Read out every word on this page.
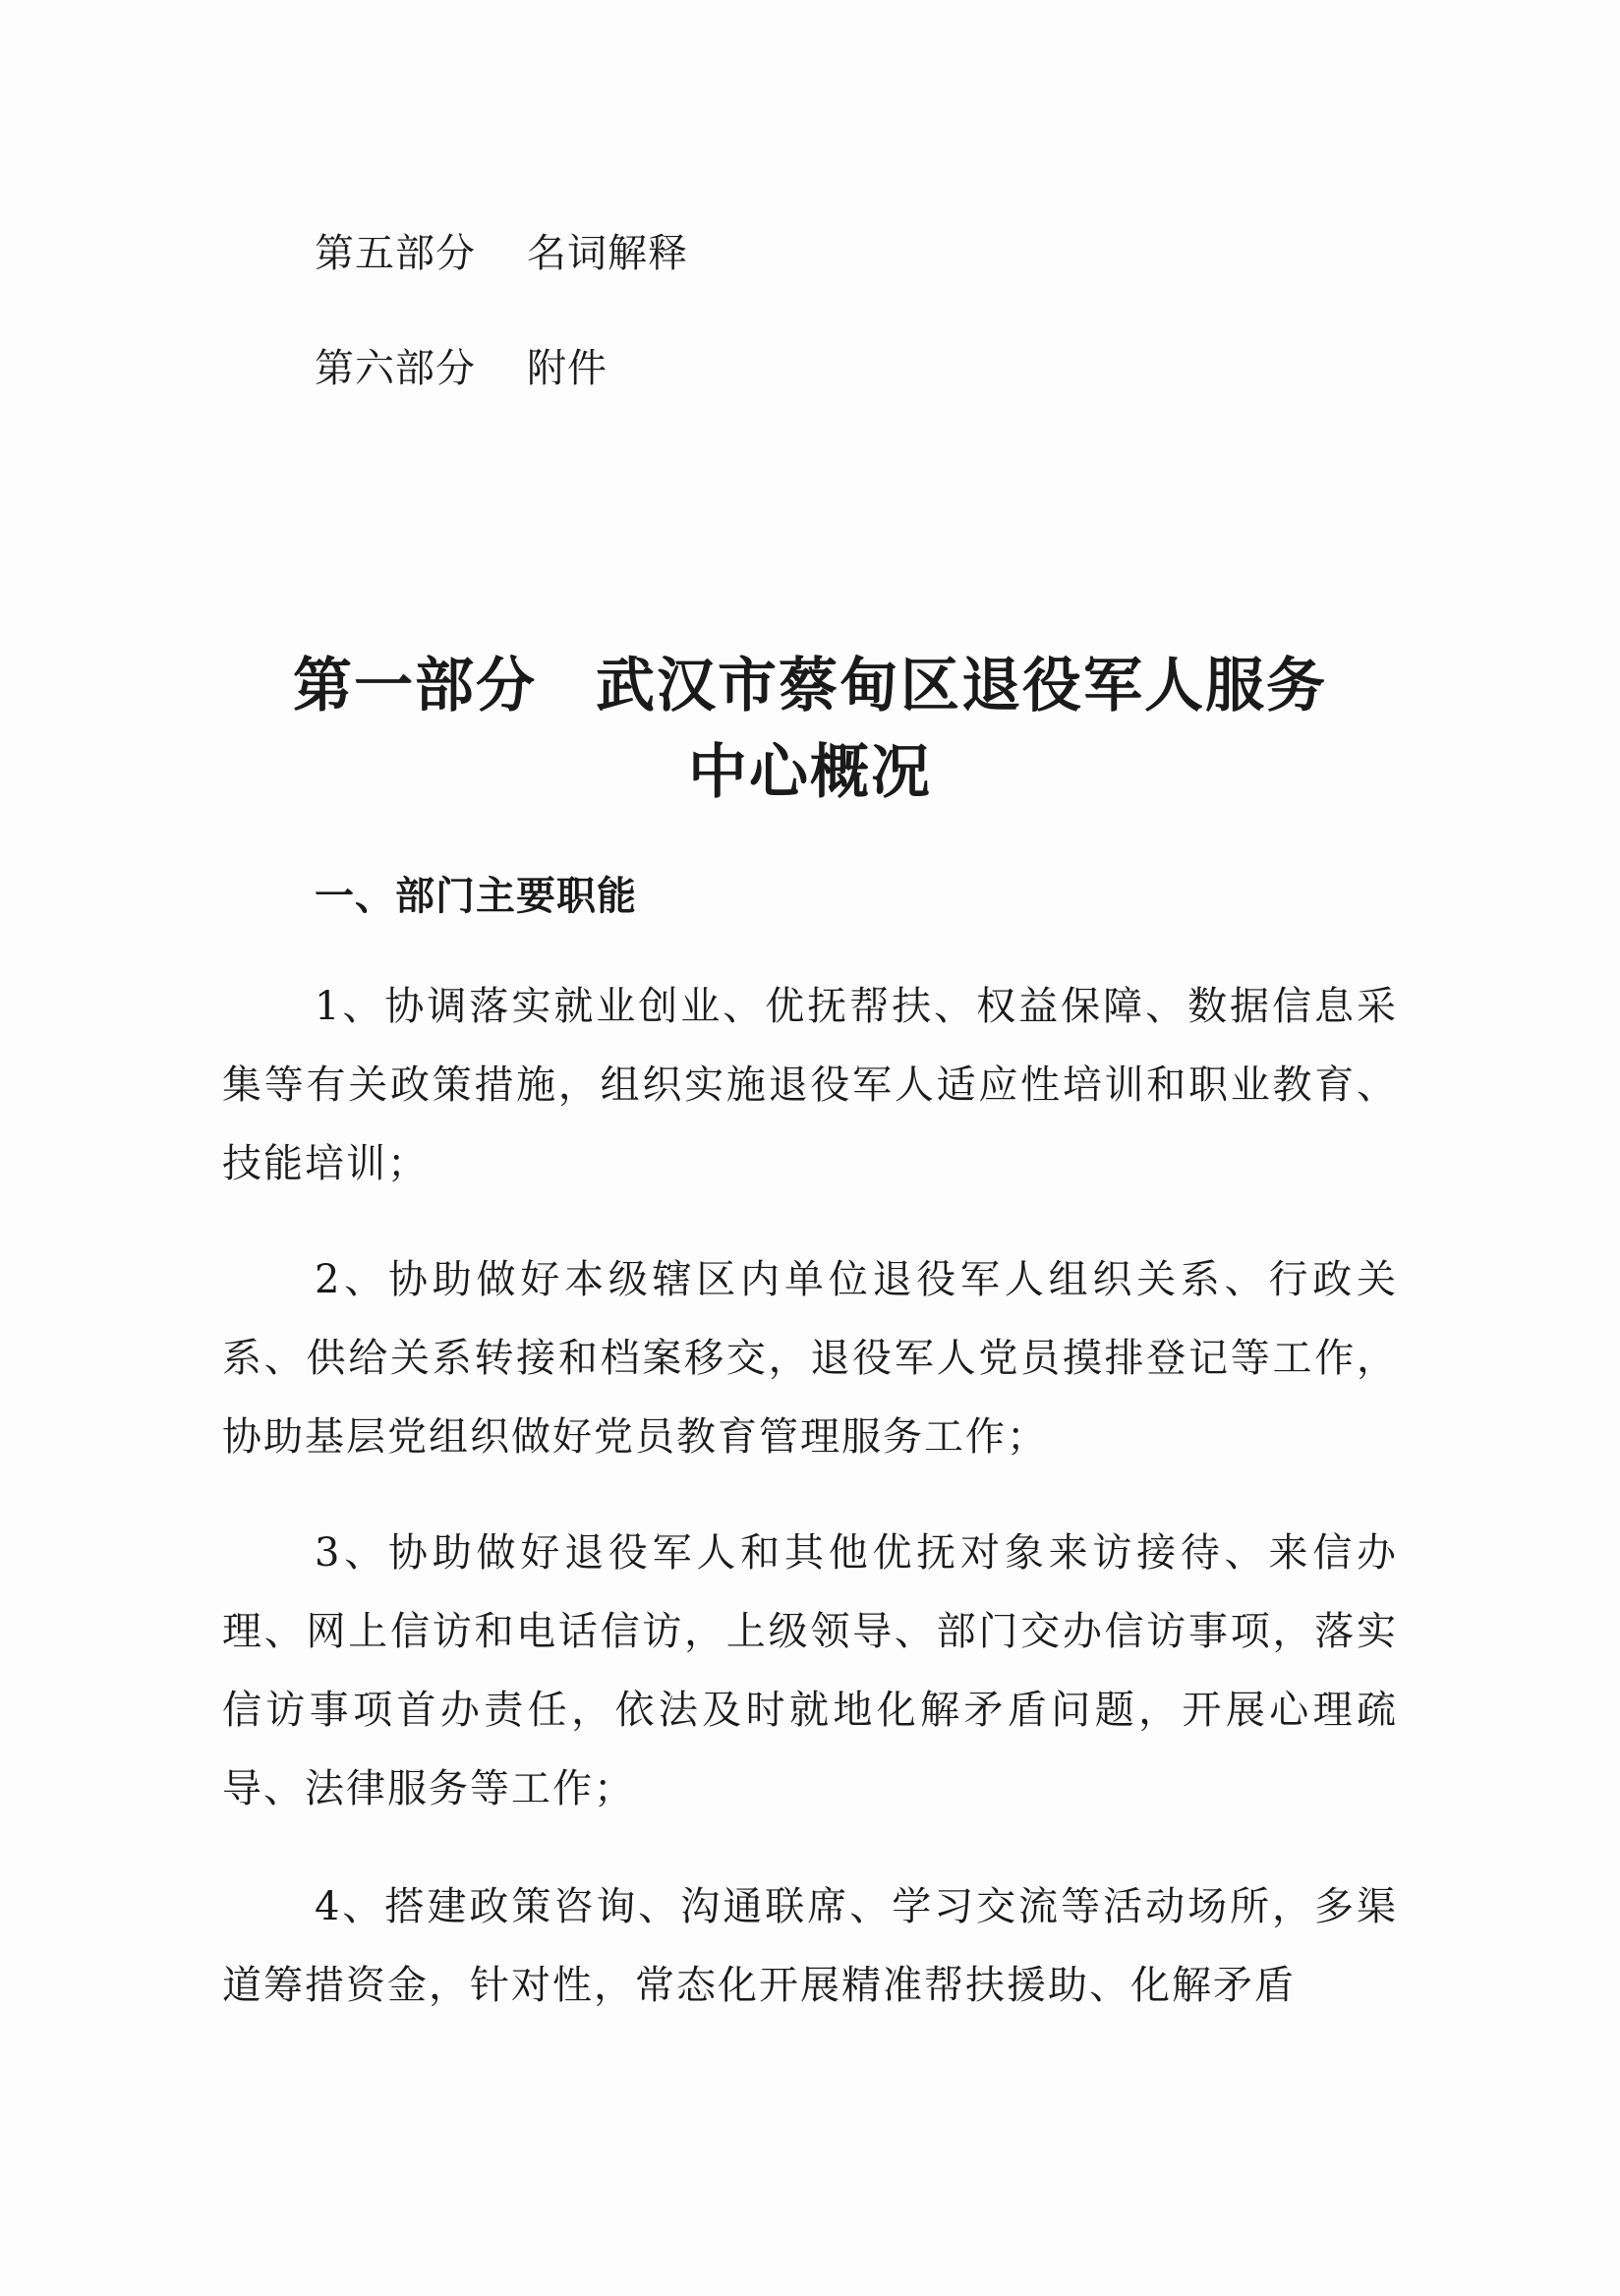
第五部分 名词解释
第六部分 附件
第一部分 武汉市蔡甸区退役军人服务
中心概况
一、部门主要职能

1、协调落实就业创业、优抚帮扶、权益保障、数据信息采集等有关政策措施，组织实施退役军人适应性培训和职业教育、技能培训；

2、协助做好本级辖区内单位退役军人组织关系、行政关系、供给关系转接和档案移交，退役军人党员摸排登记等工作，协助基层党组织做好党员教育管理服务工作；

3、协助做好退役军人和其他优抚对象来访接待、来信办理、网上信访和电话信访，上级领导、部门交办信访事项，落实信访事项首办责任，依法及时就地化解矛盾问题，开展心理疏导、法律服务等工作；

4、搭建政策咨询、沟通联席、学习交流等活动场所，多渠道筹措资金，针对性，常态化开展精准帮扶援助、化解矛盾
